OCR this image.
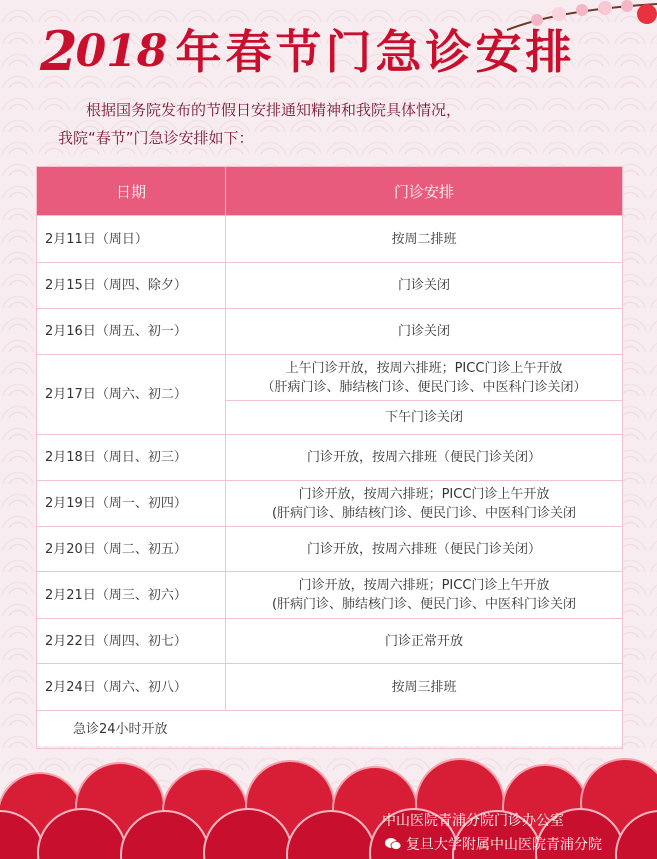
2 018 年春节门急诊安排

根据国务院发布的节假日安排通知精神和我院具体情况，

我院“春节”门急诊安排如下：

日期	门诊安排
2月11日（周日）	按周二排班
2月15日（周四、除夕）	门诊关闭
2月16日（周五、初一）	门诊关闭
2月17日（周六、初二）	上午门诊开放，按周六排班；PICC门诊上午开放
（肝病门诊、肺结核门诊、便民门诊、中医科门诊关闭）

	下午门诊关闭
2月18日（周日、初三）	门诊开放，按周六排班（便民门诊关闭）
2月19日（周一、初四）	门诊开放，按周六排班；PICC门诊上午开放
(肝病门诊、肺结核门诊、便民门诊、中医科门诊关闭

2月20日（周二、初五）	门诊开放，按周六排班（便民门诊关闭）
2月21日（周三、初六）	门诊开放，按周六排班；PICC门诊上午开放
(肝病门诊、肺结核门诊、便民门诊、中医科门诊关闭

2月22日（周四、初七）	门诊正常开放
2月24日（周六、初八）	按周三排班
急诊24小时开放	
中山医院青浦分院门诊办公室
复旦大学附属中山医院青浦分院
